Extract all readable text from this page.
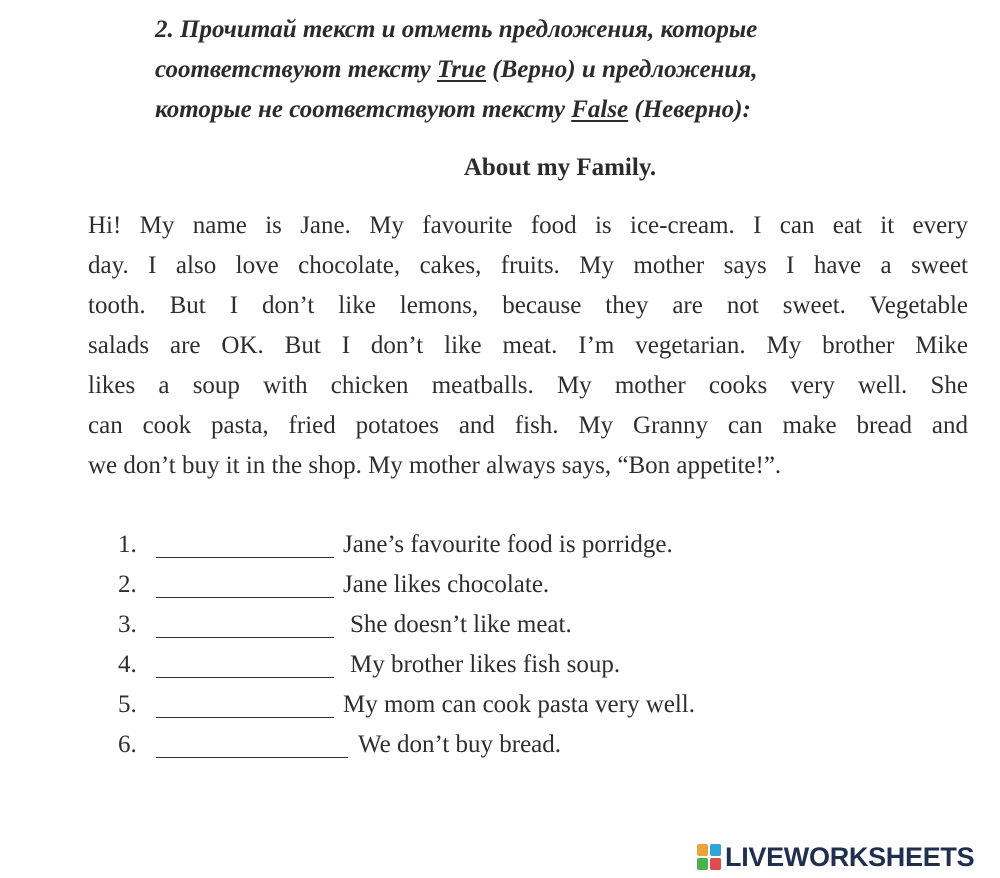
2. Прочитай текст и отметь предложения, которые
соответствуют тексту True (Верно) и предложения,
которые не соответствуют тексту False (Неверно):
About my Family.
Hi! My name is Jane. My favourite food is ice-cream. I can eat it every
day. I also love chocolate, cakes, fruits. My mother says I have a sweet
tooth. But I don’t like lemons, because they are not sweet. Vegetable
salads are OK. But I don’t like meat. I’m vegetarian. My brother Mike
likes a soup with chicken meatballs. My mother cooks very well. She
can cook pasta, fried potatoes and fish. My Granny can make bread and
we don’t buy it in the shop. My mother always says, “Bon appetite!”.
1.	Jane’s favourite food is porridge.
2.	Jane likes chocolate.
3.	She doesn’t like meat.
4.	My brother likes fish soup.
5.	My mom can cook pasta very well.
6.	We don’t buy bread.
LIVEWORKSHEETS
